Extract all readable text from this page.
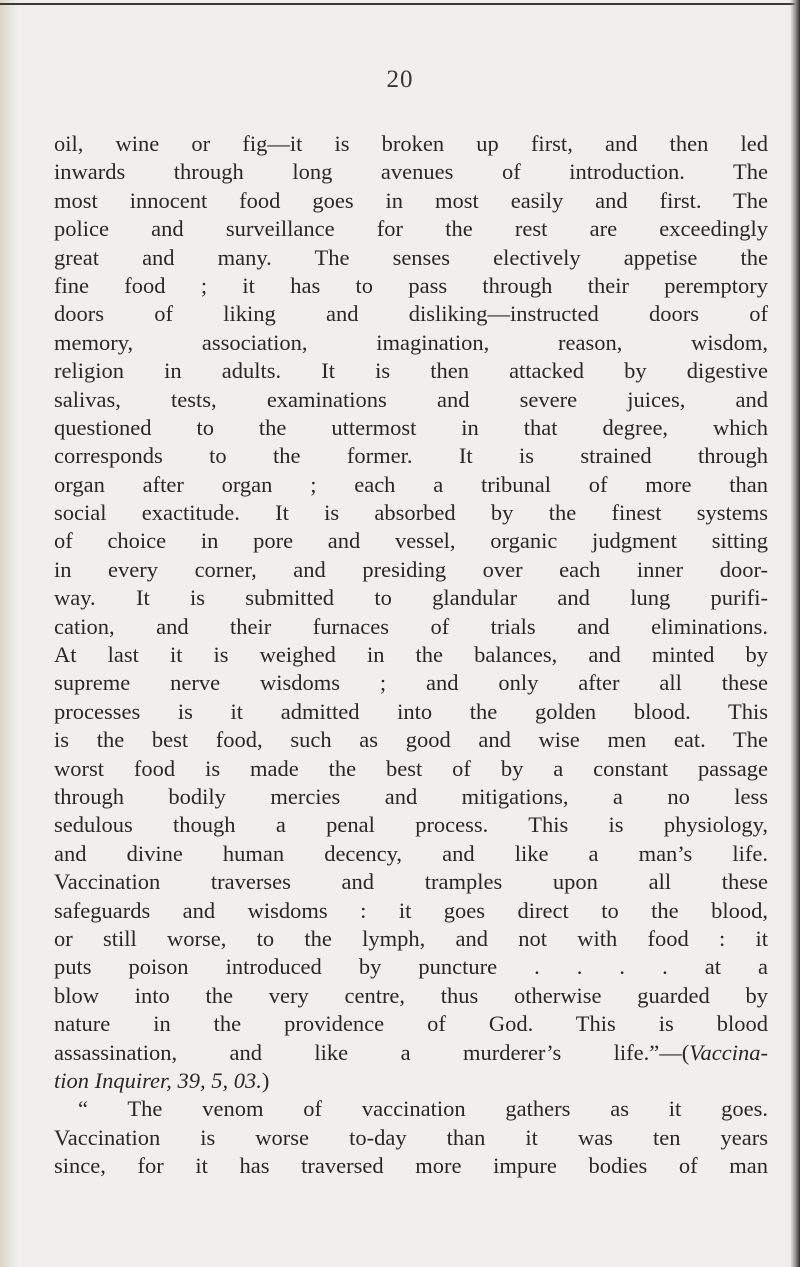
20
oil, wine or fig—it is broken up first, and then led
inwards through long avenues of introduction. The
most innocent food goes in most easily and first. The
police and surveillance for the rest are exceedingly
great and many. The senses electively appetise the
fine food ; it has to pass through their peremptory
doors of liking and disliking—instructed doors of
memory, association, imagination, reason, wisdom,
religion in adults. It is then attacked by digestive
salivas, tests, examinations and severe juices, and
questioned to the uttermost in that degree, which
corresponds to the former. It is strained through
organ after organ ; each a tribunal of more than
social exactitude. It is absorbed by the finest systems
of choice in pore and vessel, organic judgment sitting
in every corner, and presiding over each inner door-
way. It is submitted to glandular and lung purifi-
cation, and their furnaces of trials and eliminations.
At last it is weighed in the balances, and minted by
supreme nerve wisdoms ; and only after all these
processes is it admitted into the golden blood. This
is the best food, such as good and wise men eat. The
worst food is made the best of by a constant passage
through bodily mercies and mitigations, a no less
sedulous though a penal process. This is physiology,
and divine human decency, and like a man’s life.
Vaccination traverses and tramples upon all these
safeguards and wisdoms : it goes direct to the blood,
or still worse, to the lymph, and not with food : it
puts poison introduced by puncture . . . . at a
blow into the very centre, thus otherwise guarded by
nature in the providence of God. This is blood
assassination, and like a murderer’s life.”—(Vaccina-
tion Inquirer, 39, 5, 03.)
“ The venom of vaccination gathers as it goes.
Vaccination is worse to-day than it was ten years
since, for it has traversed more impure bodies of man
